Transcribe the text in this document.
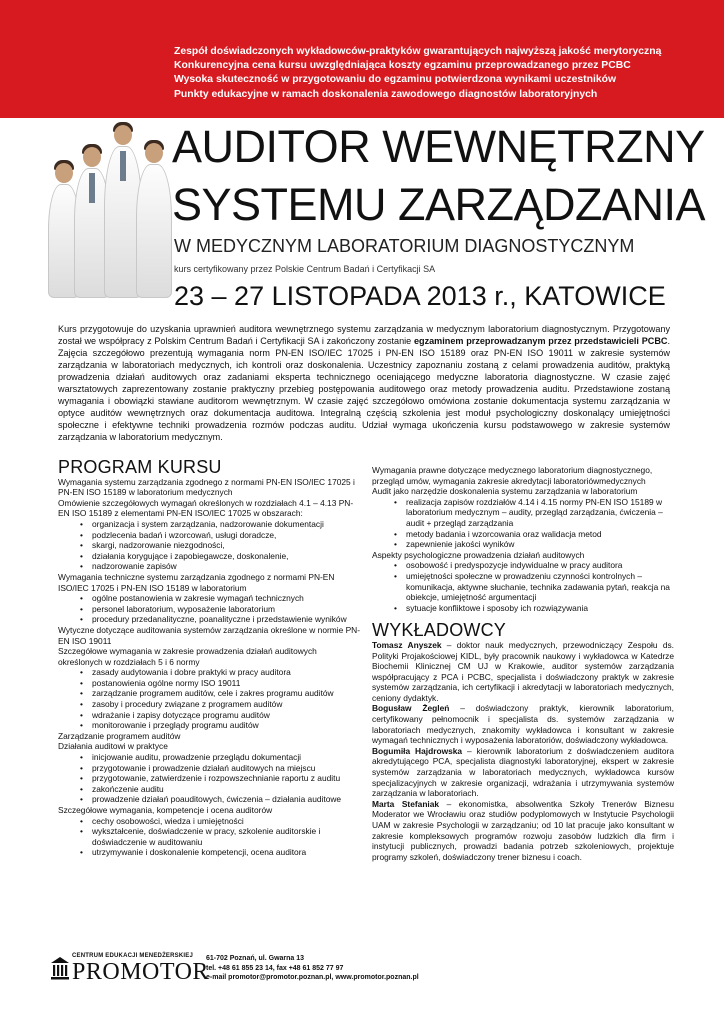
Zespół doświadczonych wykładowców-praktyków gwarantujących najwyższą jakość merytoryczną
Konkurencyjna cena kursu uwzględniająca koszty egzaminu przeprowadzanego przez PCBC
Wysoka skuteczność w przygotowaniu do egzaminu potwierdzona wynikami uczestników
Punkty edukacyjne w ramach doskonalenia zawodowego diagnostów laboratoryjnych
AUDITOR WEWNĘTRZNY
SYSTEMU ZARZĄDZANIA
W MEDYCZNYM LABORATORIUM DIAGNOSTYCZNYM
kurs certyfikowany przez Polskie Centrum Badań i Certyfikacji SA
23 – 27 LISTOPADA 2013 r., KATOWICE
Kurs przygotowuje do uzyskania uprawnień auditora wewnętrznego systemu zarządzania w medycznym laboratorium diagnostycznym. Przygotowany został we współpracy z Polskim Centrum Badań i Certyfikacji SA i zakończony zostanie egzaminem przeprowadzanym przez przedstawicieli PCBC. Zajęcia szczegółowo prezentują wymagania norm PN-EN ISO/IEC 17025 i PN-EN ISO 15189 oraz PN-EN ISO 19011 w zakresie systemów zarządzania w laboratoriach medycznych, ich kontroli oraz doskonalenia. Uczestnicy zapoznaniu zostaną z celami prowadzenia auditów, praktyką prowadzenia działań auditowych oraz zadaniami eksperta technicznego oceniającego medyczne laboratoria diagnostyczne. W czasie zajęć warsztatowych zaprezentowany zostanie praktyczny przebieg postępowania auditowego oraz metody prowadzenia auditu. Przedstawione zostaną wymagania i obowiązki stawiane auditorom wewnętrznym. W czasie zajęć szczegółowo omówiona zostanie dokumentacja systemu zarządzania w optyce auditów wewnętrznych oraz dokumentacja auditowa. Integralną częścią szkolenia jest moduł psychologiczny doskonalący umiejętności społeczne i efektywne techniki prowadzenia rozmów podczas auditu. Udział wymaga ukończenia kursu podstawowego w zakresie systemów zarządzania w laboratorium medycznym.
PROGRAM KURSU

Wymagania systemu zarządzania zgodnego z normami PN-EN ISO/IEC 17025 i PN-EN ISO 15189 w laboratorium medycznych

Omówienie szczegółowych wymagań określonych w rozdziałach 4.1 – 4.13 PN-EN ISO 15189 z elementami PN-EN ISO/IEC 17025 w obszarach:

• organizacja i system zarządzania, nadzorowanie dokumentacji
• podzlecenia badań i wzorcowań, usługi doradcze,
• skargi, nadzorowanie niezgodności,
• działania korygujące i zapobiegawcze, doskonalenie,
• nadzorowanie zapisów

Wymagania techniczne systemu zarządzania zgodnego z normami PN-EN ISO/IEC 17025 i PN-EN ISO 15189 w laboratorium

• ogólne postanowienia w zakresie wymagań technicznych
• personel laboratorium, wyposażenie laboratorium
• procedury przedanalityczne, poanalityczne i przedstawienie wyników

Wytyczne dotyczące auditowania systemów zarządzania określone w normie PN-EN ISO 19011

Szczegółowe wymagania w zakresie prowadzenia działań auditowych określonych w rozdziałach 5 i 6 normy

• zasady audytowania i dobre praktyki w pracy auditora
• postanowienia ogólne normy ISO 19011
• zarządzanie programem auditów, cele i zakres programu auditów
• zasoby i procedury związane z programem auditów
• wdrażanie i zapisy dotyczące programu auditów
• monitorowanie i przeglądy programu auditów

Zarządzanie programem auditów

Działania auditowi w praktyce

• inicjowanie auditu, prowadzenie przeglądu dokumentacji
• przygotowanie i prowadzenie działań auditowych na miejscu
• przygotowanie, zatwierdzenie i rozpowszechnianie raportu z auditu
• zakończenie auditu
• prowadzenie działań poauditowych, ćwiczenia – działania auditowe

Szczegółowe wymagania, kompetencje i ocena auditorów

• cechy osobowości, wiedza i umiejętności
• wykształcenie, doświadczenie w pracy, szkolenie auditorskie i doświadczenie w auditowaniu
• utrzymywanie i doskonalenie kompetencji, ocena auditora

Wymagania prawne dotyczące medycznego laboratorium diagnostycznego, przegląd umów, wymagania zakresie akredytacji laboratoriówmedycznych

Audit jako narzędzie doskonalenia systemu zarządzania w laboratorium

• realizacja zapisów rozdziałów 4.14 i 4.15 normy PN-EN ISO 15189 w laboratorium medycznym – audity, przegląd zarządzania, ćwiczenia – audit + przegląd zarządzania
• metody badania i wzorcowania oraz walidacja metod
• zapewnienie jakości wyników

Aspekty psychologiczne prowadzenia działań auditowych

• osobowość i predyspozycje indywidualne w pracy auditora
• umiejętności społeczne w prowadzeniu czynności kontrolnych – komunikacja, aktywne słuchanie, technika zadawania pytań, reakcja na obiekcje, umiejętność argumentacji
• sytuacje konfliktowe i sposoby ich rozwiązywania
WYKŁADOWCY

Tomasz Anyszek – doktor nauk medycznych, przewodniczący Zespołu ds. Polityki Projakościowej KIDL, były pracownik naukowy i wykładowca w Katedrze Biochemii Klinicznej CM UJ w Krakowie, auditor systemów zarządzania współpracujący z PCA i PCBC, specjalista i doświadczony praktyk w zakresie systemów zarządzania, ich certyfikacji i akredytacji w laboratoriach medycznych, ceniony dydaktyk.

Bogusław Żegleń – doświadczony praktyk, kierownik laboratorium, certyfikowany pełnomocnik i specjalista ds. systemów zarządzania w laboratoriach medycznych, znakomity wykładowca i konsultant w zakresie wymagań technicznych i wyposażenia laboratoriów, doświadczony wykładowca.

Bogumiła Hajdrowska – kierownik laboratorium z doświadczeniem auditora akredytującego PCA, specjalista diagnostyki laboratoryjnej, ekspert w zakresie systemów zarządzania w laboratoriach medycznych, wykładowca kursów specjalizacyjnych w zakresie organizacji, wdrażania i utrzymywania systemów zarządzania w laboratoriach.

Marta Stefaniak – ekonomistka, absolwentka Szkoły Trenerów Biznesu Moderator we Wrocławiu oraz studiów podyplomowych w Instytucie Psychologii UAM w zakresie Psychologii w zarządzaniu; od 10 lat pracuje jako konsultant w zakresie kompleksowych programów rozwoju zasobów ludzkich dla firm i instytucji publicznych, prowadzi badania potrzeb szkoleniowych, projektuje programy szkoleń, doświadczony trener biznesu i coach.

CENTRUM EDUKACJI MENEDŻERSKIEJ
PROMOTOR
61-702 Poznań, ul. Gwarna 13
tel. +48 61 855 23 14, fax +48 61 852 77 97
e-mail promotor@promotor.poznan.pl, www.promotor.poznan.pl
